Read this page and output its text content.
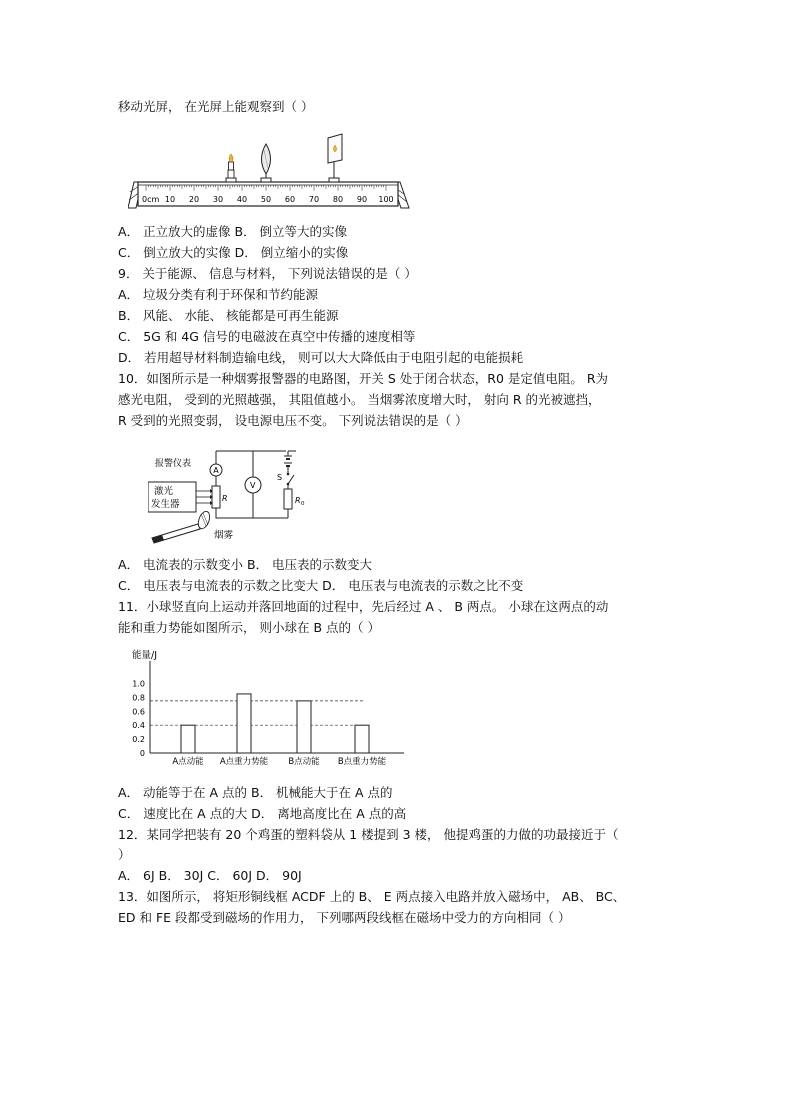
移动光屏， 在光屏上能观察到（ ）
0cm 10 20 30 40 50 60 70 80 90 100
A． 正立放大的虚像 B． 倒立等大的实像
C． 倒立放大的实像 D． 倒立缩小的实像
9． 关于能源、 信息与材料， 下列说法错误的是（ ）
A． 垃圾分类有利于环保和节约能源
B． 风能、 水能、 核能都是可再生能源
C． 5G 和 4G 信号的电磁波在真空中传播的速度相等
D． 若用超导材料制造输电线， 则可以大大降低由于电阻引起的电能损耗
10．如图所示是一种烟雾报警器的电路图，开关 S 处于闭合状态，R0 是定值电阻。 R为
感光电阻， 受到的光照越强， 其阻值越小。 当烟雾浓度增大时， 射向 R 的光被遮挡，
R 受到的光照变弱， 设电源电压不变。 下列说法错误的是（ ）
S
R 0
A
报警仪表
V
R
激光
发生器
烟雾
A． 电流表的示数变小 B． 电压表的示数变大
C． 电压表与电流表的示数之比变大 D． 电压表与电流表的示数之比不变
11．小球竖直向上运动并落回地面的过程中，先后经过 A 、 B 两点。 小球在这两点的动
能和重力势能如图所示， 则小球在 B 点的（ ）
能量/J
0
0.2
0.4
0.6
0.8
1.0
A点动能 A点重力势能 B点动能 B点重力势能
A． 动能等于在 A 点的 B． 机械能大于在 A 点的
C． 速度比在 A 点的大 D． 离地高度比在 A 点的高
12．某同学把装有 20 个鸡蛋的塑料袋从 1 楼提到 3 楼， 他提鸡蛋的力做的功最接近于（
）
A． 6J B． 30J C． 60J D． 90J
13．如图所示， 将矩形铜线框 ACDF 上的 B、 E 两点接入电路并放入磁场中， AB、 BC、
ED 和 FE 段都受到磁场的作用力， 下列哪两段线框在磁场中受力的方向相同（ ）
